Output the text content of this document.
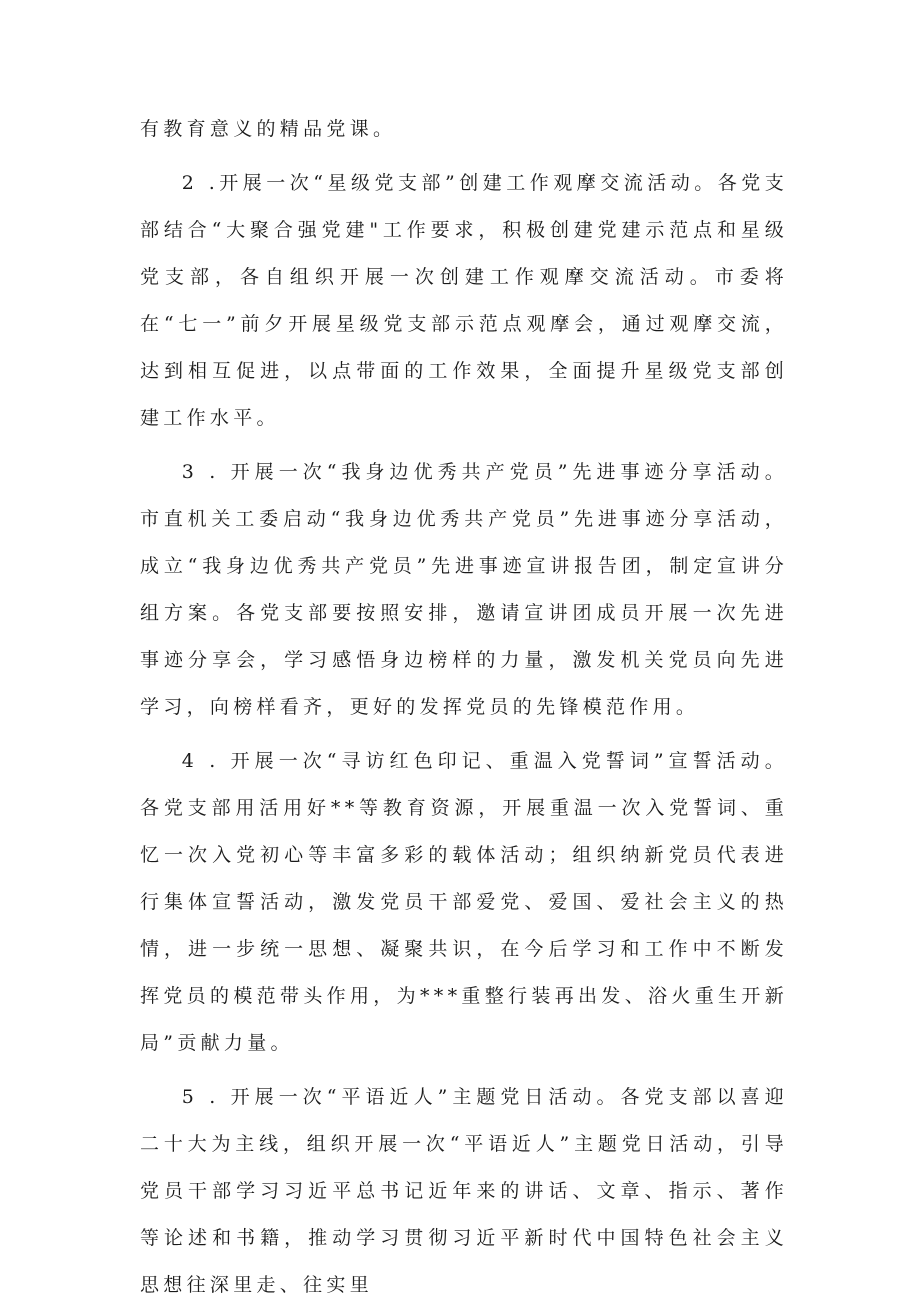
有教育意义的精品党课。

2 .开展一次“星级党支部”创建工作观摩交流活动。各党支部结合“大聚合强党建"工作要求，积极创建党建示范点和星级党支部，各自组织开展一次创建工作观摩交流活动。市委将在“七一”前夕开展星级党支部示范点观摩会，通过观摩交流，达到相互促进，以点带面的工作效果，全面提升星级党支部创建工作水平。

3 . 开展一次“我身边优秀共产党员”先进事迹分享活动。市直机关工委启动“我身边优秀共产党员”先进事迹分享活动，成立“我身边优秀共产党员”先进事迹宣讲报告团，制定宣讲分组方案。各党支部要按照安排，邀请宣讲团成员开展一次先进事迹分享会，学习感悟身边榜样的力量，激发机关党员向先进学习，向榜样看齐，更好的发挥党员的先锋模范作用。

4 . 开展一次“寻访红色印记、重温入党誓词”宣誓活动。各党支部用活用好**等教育资源，开展重温一次入党誓词、重忆一次入党初心等丰富多彩的载体活动；组织纳新党员代表进行集体宣誓活动，激发党员干部爱党、爱国、爱社会主义的热情，进一步统一思想、凝聚共识，在今后学习和工作中不断发挥党员的模范带头作用，为***重整行装再出发、浴火重生开新局”贡献力量。

5 . 开展一次“平语近人”主题党日活动。各党支部以喜迎二十大为主线，组织开展一次“平语近人”主题党日活动，引导党员干部学习习近平总书记近年来的讲话、文章、指示、著作等论述和书籍，推动学习贯彻习近平新时代中国特色社会主义思想往深里走、往实里
